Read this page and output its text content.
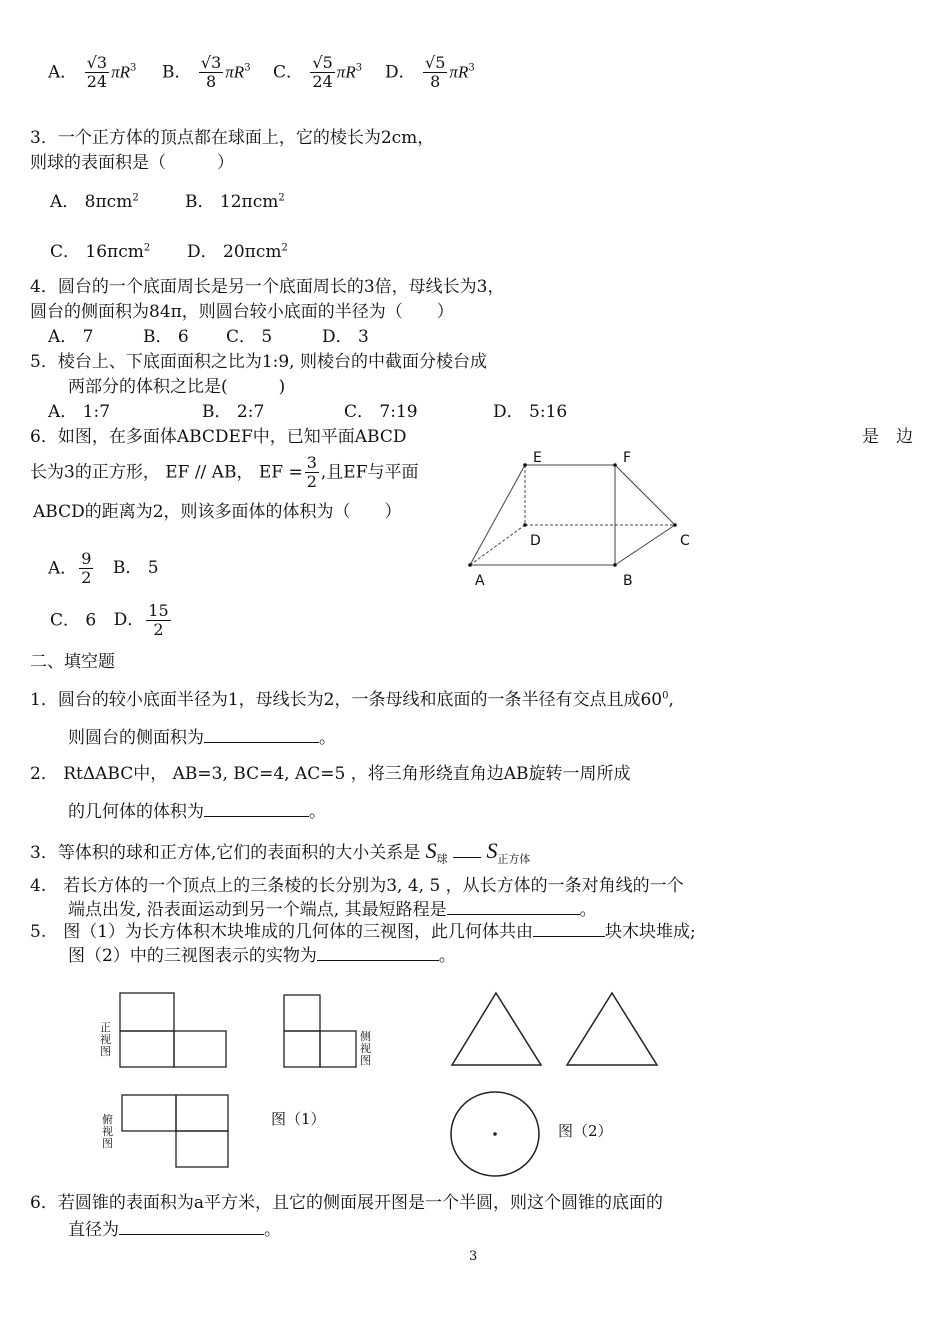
A． $\frac{√3}{24} \pi R^3$ B． $\frac{√3}{8} \pi R^3$ C． $\frac{√5}{24} \pi R^3$ D． $\frac{√5}{8} \pi R^3$
3．一个正方体的顶点都在球面上，它的棱长为2cm，
则球的表面积是（　　　）
A． 8πcm$^2$	B． 12πcm$^2$
C． 16πcm$^2$ D． 20πcm$^2$
4．圆台的一个底面周长是另一个底面周长的3倍，母线长为3，
圆台的侧面积为84π，则圆台较小底面的半径为（　　）
A． 7	B． 6 C． 5	D． 3
5．棱台上、下底面面积之比为1:9, 则棱台的中截面分棱台成
两部分的体积之比是(　　　)
A． 1:7	B． 2:7	C． 7:19	D． 5:16
6．如图，在多面体ABCDEF中，已知平面ABCD	是　边
长为3的正方形， EF // AB， EF = $\frac{3}{2}$ ,且EF与平面
ABCD的距离为2，则该多面体的体积为（　　）
A． $\frac{9}{2}$ B． 5
C． 6 D． $\frac{15}{2}$
E	F
D	C
A	B
二、填空题
1．圆台的较小底面半径为1，母线长为2，一条母线和底面的一条半径有交点且成$60^0$,
则圆台的侧面积为	。
2． RtΔABC中， AB=3, BC=4, AC=5 ，将三角形绕直角边AB旋转一周所成
的几何体的体积为	。
3．等体积的球和正方体,它们的表面积的大小关系是 $S_球$ $S_{正方体}$
4.　若长方体的一个顶点上的三条棱的长分别为3, 4, 5 ，从长方体的一条对角线的一个
端点出发, 沿表面运动到另一个端点, 其最短路程是	。
5.　图（1）为长方体积木块堆成的几何体的三视图，此几何体共由	块木块堆成;
图（2）中的三视图表示的实物为	。
正视图
侧视图
俯视图
图（1）
图（2）
6．若圆锥的表面积为a平方米，且它的侧面展开图是一个半圆，则这个圆锥的底面的
直径为	。
3
